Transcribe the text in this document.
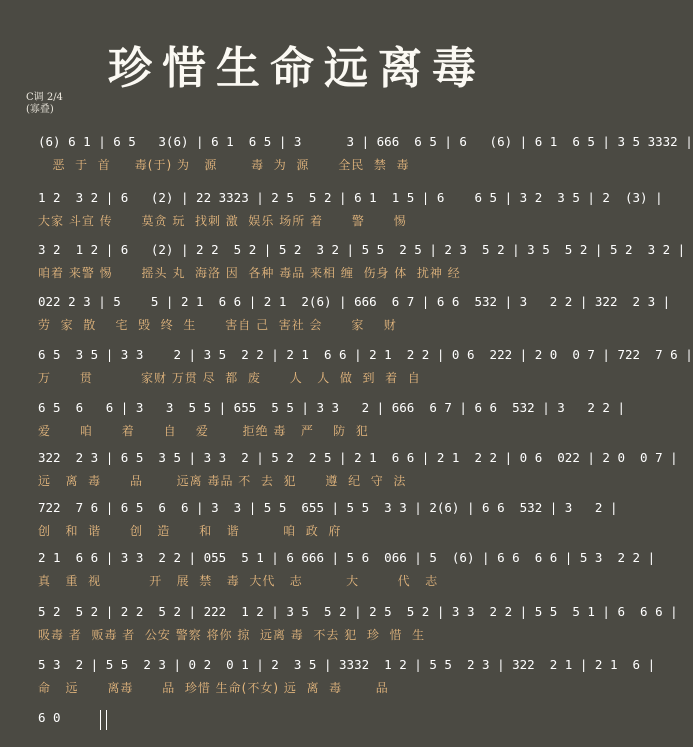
珍惜生命远离毒
C调 2/4
(寡叠)
(6) 6 1 | 6 5   3(6) | 6 1  6 5 | 3      3 | 666  6 5 | 6   (6) | 6 1  6 5 | 3 5 3332 |
恶  于  首     毒(于) 为   源       毒  为  源      全民  禁  毒
1 2  3 2 | 6   (2) | 22 3323 | 2 5  5 2 | 6 1  1 5 | 6    6 5 | 3 2  3 5 | 2  (3) |
大家 斗宣 传      莫贪 玩  找刺 激  娱乐 场所 着      警      惕
3 2  1 2 | 6   (2) | 2 2  5 2 | 5 2  3 2 | 5 5  2 5 | 2 3  5 2 | 3 5  5 2 | 5 2  3 2 |
咱着 来警 惕      摇头 丸  海洛 因  各种 毒品 来相 缠  伤身 体  扰神 经
022 2 3 | 5    5 | 2 1  6 6 | 2 1  2(6) | 666  6 7 | 6 6  532 | 3   2 2 | 322  2 3 |
劳  家  散    宅  毁  终  生      害自 己  害社 会      家    财
6 5  3 5 | 3 3    2 | 3 5  2 2 | 2 1  6 6 | 2 1  2 2 | 0 6  222 | 2 0  0 7 | 722  7 6 |
万      贯          家财 万贯 尽  都  废      人   人  做  到  着  自
6 5  6   6 | 3   3  5 5 | 655  5 5 | 3 3   2 | 666  6 7 | 6 6  532 | 3   2 2 |
爱      咱      着      自    爱       拒绝 毒   严    防  犯
322  2 3 | 6 5  3 5 | 3 3  2 | 5 2  2 5 | 2 1  6 6 | 2 1  2 2 | 0 6  022 | 2 0  0 7 |
远   离  毒      品       远离 毒品 不  去  犯      遵  纪  守  法
722  7 6 | 6 5  6  6 | 3  3 | 5 5  655 | 5 5  3 3 | 2(6) | 6 6  532 | 3   2 |
创   和  谐      创   造      和   谐         咱  政  府
2 1  6 6 | 3 3  2 2 | 055  5 1 | 6 666 | 5 6  066 | 5  (6) | 6 6  6 6 | 5 3  2 2 |
真   重  视          开   展  禁   毒  大代   志         大        代   志
5 2  5 2 | 2 2  5 2 | 222  1 2 | 3 5  5 2 | 2 5  5 2 | 3 3  2 2 | 5 5  5 1 | 6  6 6 |
吸毒 者  贩毒 者  公安 警察 将你 掠  远离 毒  不去 犯  珍  惜  生
5 3  2 | 5 5  2 3 | 0 2  0 1 | 2  3 5 | 3332  1 2 | 5 5  2 3 | 322  2 1 | 2 1  6 |
命   远      离毒      品  珍惜 生命(不女) 远  离  毒       品
6 0
